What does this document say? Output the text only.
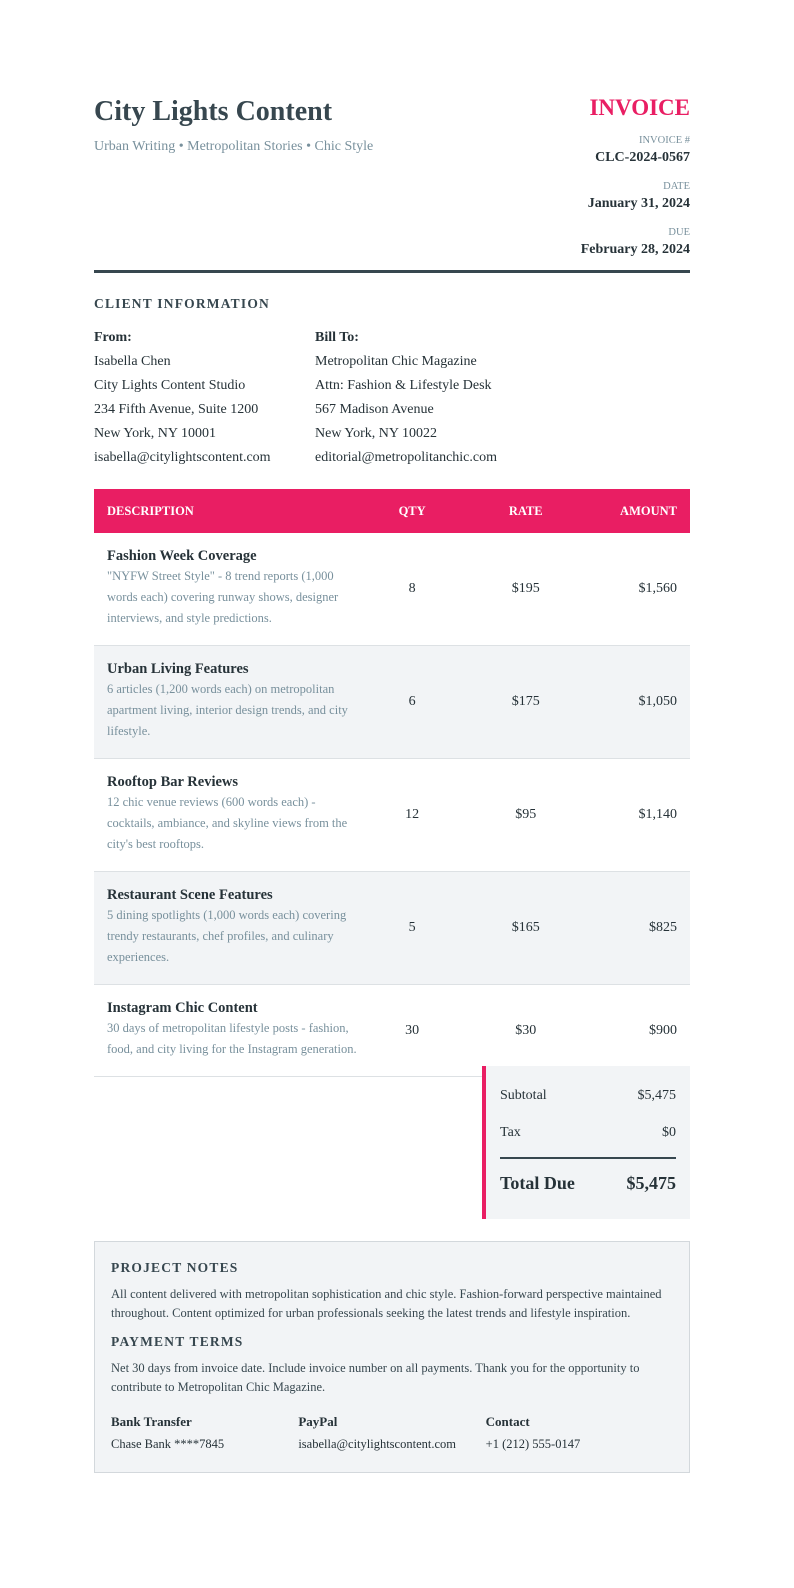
City Lights Content
Urban Writing • Metropolitan Stories • Chic Style
INVOICE
INVOICE #
CLC-2024-0567
DATE
January 31, 2024
DUE
February 28, 2024
CLIENT INFORMATION
From:
Isabella Chen
City Lights Content Studio
234 Fifth Avenue, Suite 1200
New York, NY 10001
isabella@citylightscontent.com
Bill To:
Metropolitan Chic Magazine
Attn: Fashion & Lifestyle Desk
567 Madison Avenue
New York, NY 10022
editorial@metropolitanchic.com
DESCRIPTION	QTY	RATE	AMOUNT

Fashion Week Coverage
"NYFW Street Style" - 8 trend reports (1,000 words each) covering runway shows, designer interviews, and style predictions.	8	$195	$1,560

Urban Living Features
6 articles (1,200 words each) on metropolitan apartment living, interior design trends, and city lifestyle.	6	$175	$1,050

Rooftop Bar Reviews
12 chic venue reviews (600 words each) - cocktails, ambiance, and skyline views from the city's best rooftops.	12	$95	$1,140

Restaurant Scene Features
5 dining spotlights (1,000 words each) covering trendy restaurants, chef profiles, and culinary experiences.	5	$165	$825

Instagram Chic Content
30 days of metropolitan lifestyle posts - fashion, food, and city living for the Instagram generation.	30	$30	$900
Subtotal	$5,475
Tax	$0
Total Due	$5,475
PROJECT NOTES

All content delivered with metropolitan sophistication and chic style. Fashion-forward perspective maintained throughout. Content optimized for urban professionals seeking the latest trends and lifestyle inspiration.

PAYMENT TERMS

Net 30 days from invoice date. Include invoice number on all payments. Thank you for the opportunity to contribute to Metropolitan Chic Magazine.

Bank Transfer
Chase Bank ****7845
PayPal
isabella@citylightscontent.com
Contact
+1 (212) 555-0147
